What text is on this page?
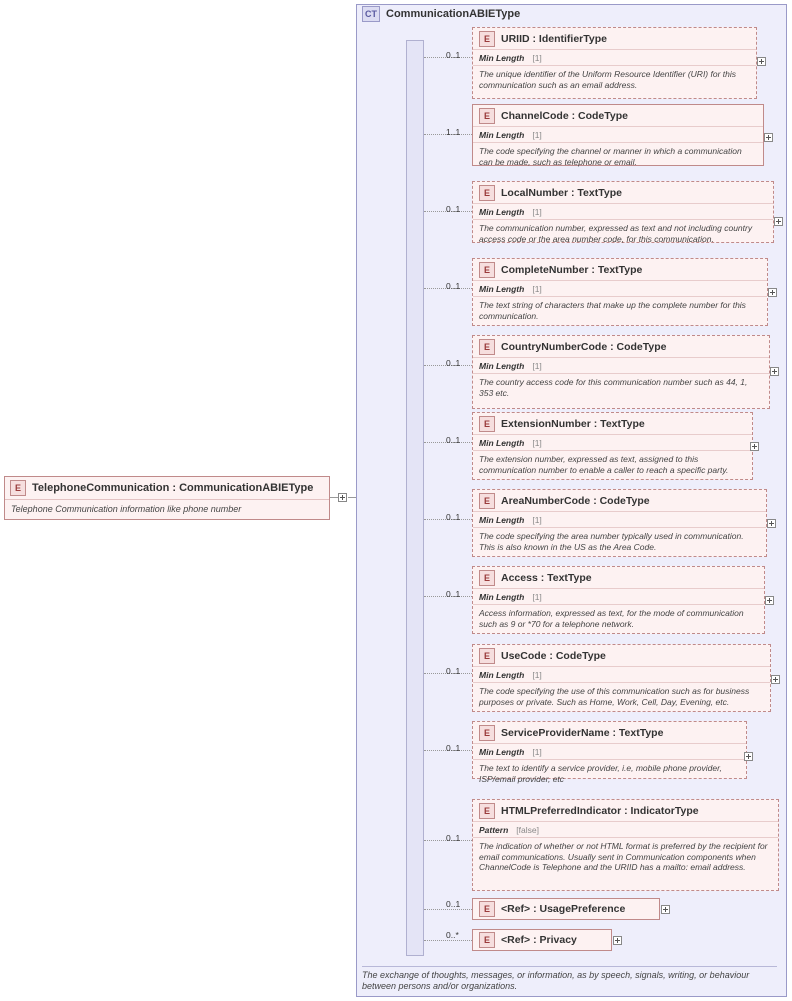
E	TelephoneCommunication : CommunicationABIEType
Telephone Communication information like phone number
CT CommunicationABIEType
The exchange of thoughts, messages, or information, as by speech, signals, writing, or behaviour between persons and/or organizations.
0..1
E	URIID : IdentifierType
Min Length [1]
The unique identifier of the Uniform Resource Identifier (URI) for this communication such as an email address.
1..1
E	ChannelCode : CodeType
Min Length [1]
The code specifying the channel or manner in which a communication can be made, such as telephone or email.
0..1
E	LocalNumber : TextType
Min Length [1]
The communication number, expressed as text and not including country access code or the area number code, for this communication.
0..1
E	CompleteNumber : TextType
Min Length [1]
The text string of characters that make up the complete number for this communication.
0..1
E	CountryNumberCode : CodeType
Min Length [1]
The country access code for this communication number such as 44, 1, 353 etc.
0..1
E	ExtensionNumber : TextType
Min Length [1]
The extension number, expressed as text, assigned to this communication number to enable a caller to reach a specific party.
0..1
E	AreaNumberCode : CodeType
Min Length [1]
The code specifying the area number typically used in communication. This is also known in the US as the Area Code.
0..1
E	Access : TextType
Min Length [1]
Access information, expressed as text, for the mode of communication such as 9 or *70 for a telephone network.
0..1
E	UseCode : CodeType
Min Length [1]
The code specifying the use of this communication such as for business purposes or private. Such as Home, Work, Cell, Day, Evening, etc.
0..1
E	ServiceProviderName : TextType
Min Length [1]
The text to identify a service provider, i.e, mobile phone provider, ISP/email provider, etc
0..1
E	HTMLPreferredIndicator : IndicatorType
Pattern [false]
The indication of whether or not HTML format is preferred by the recipient for email communications. Usually sent in Communication components when ChannelCode is Telephone and the URIID has a mailto: email address.
0..1	E	<Ref> : UsagePreference
0..*	E	<Ref> : Privacy
